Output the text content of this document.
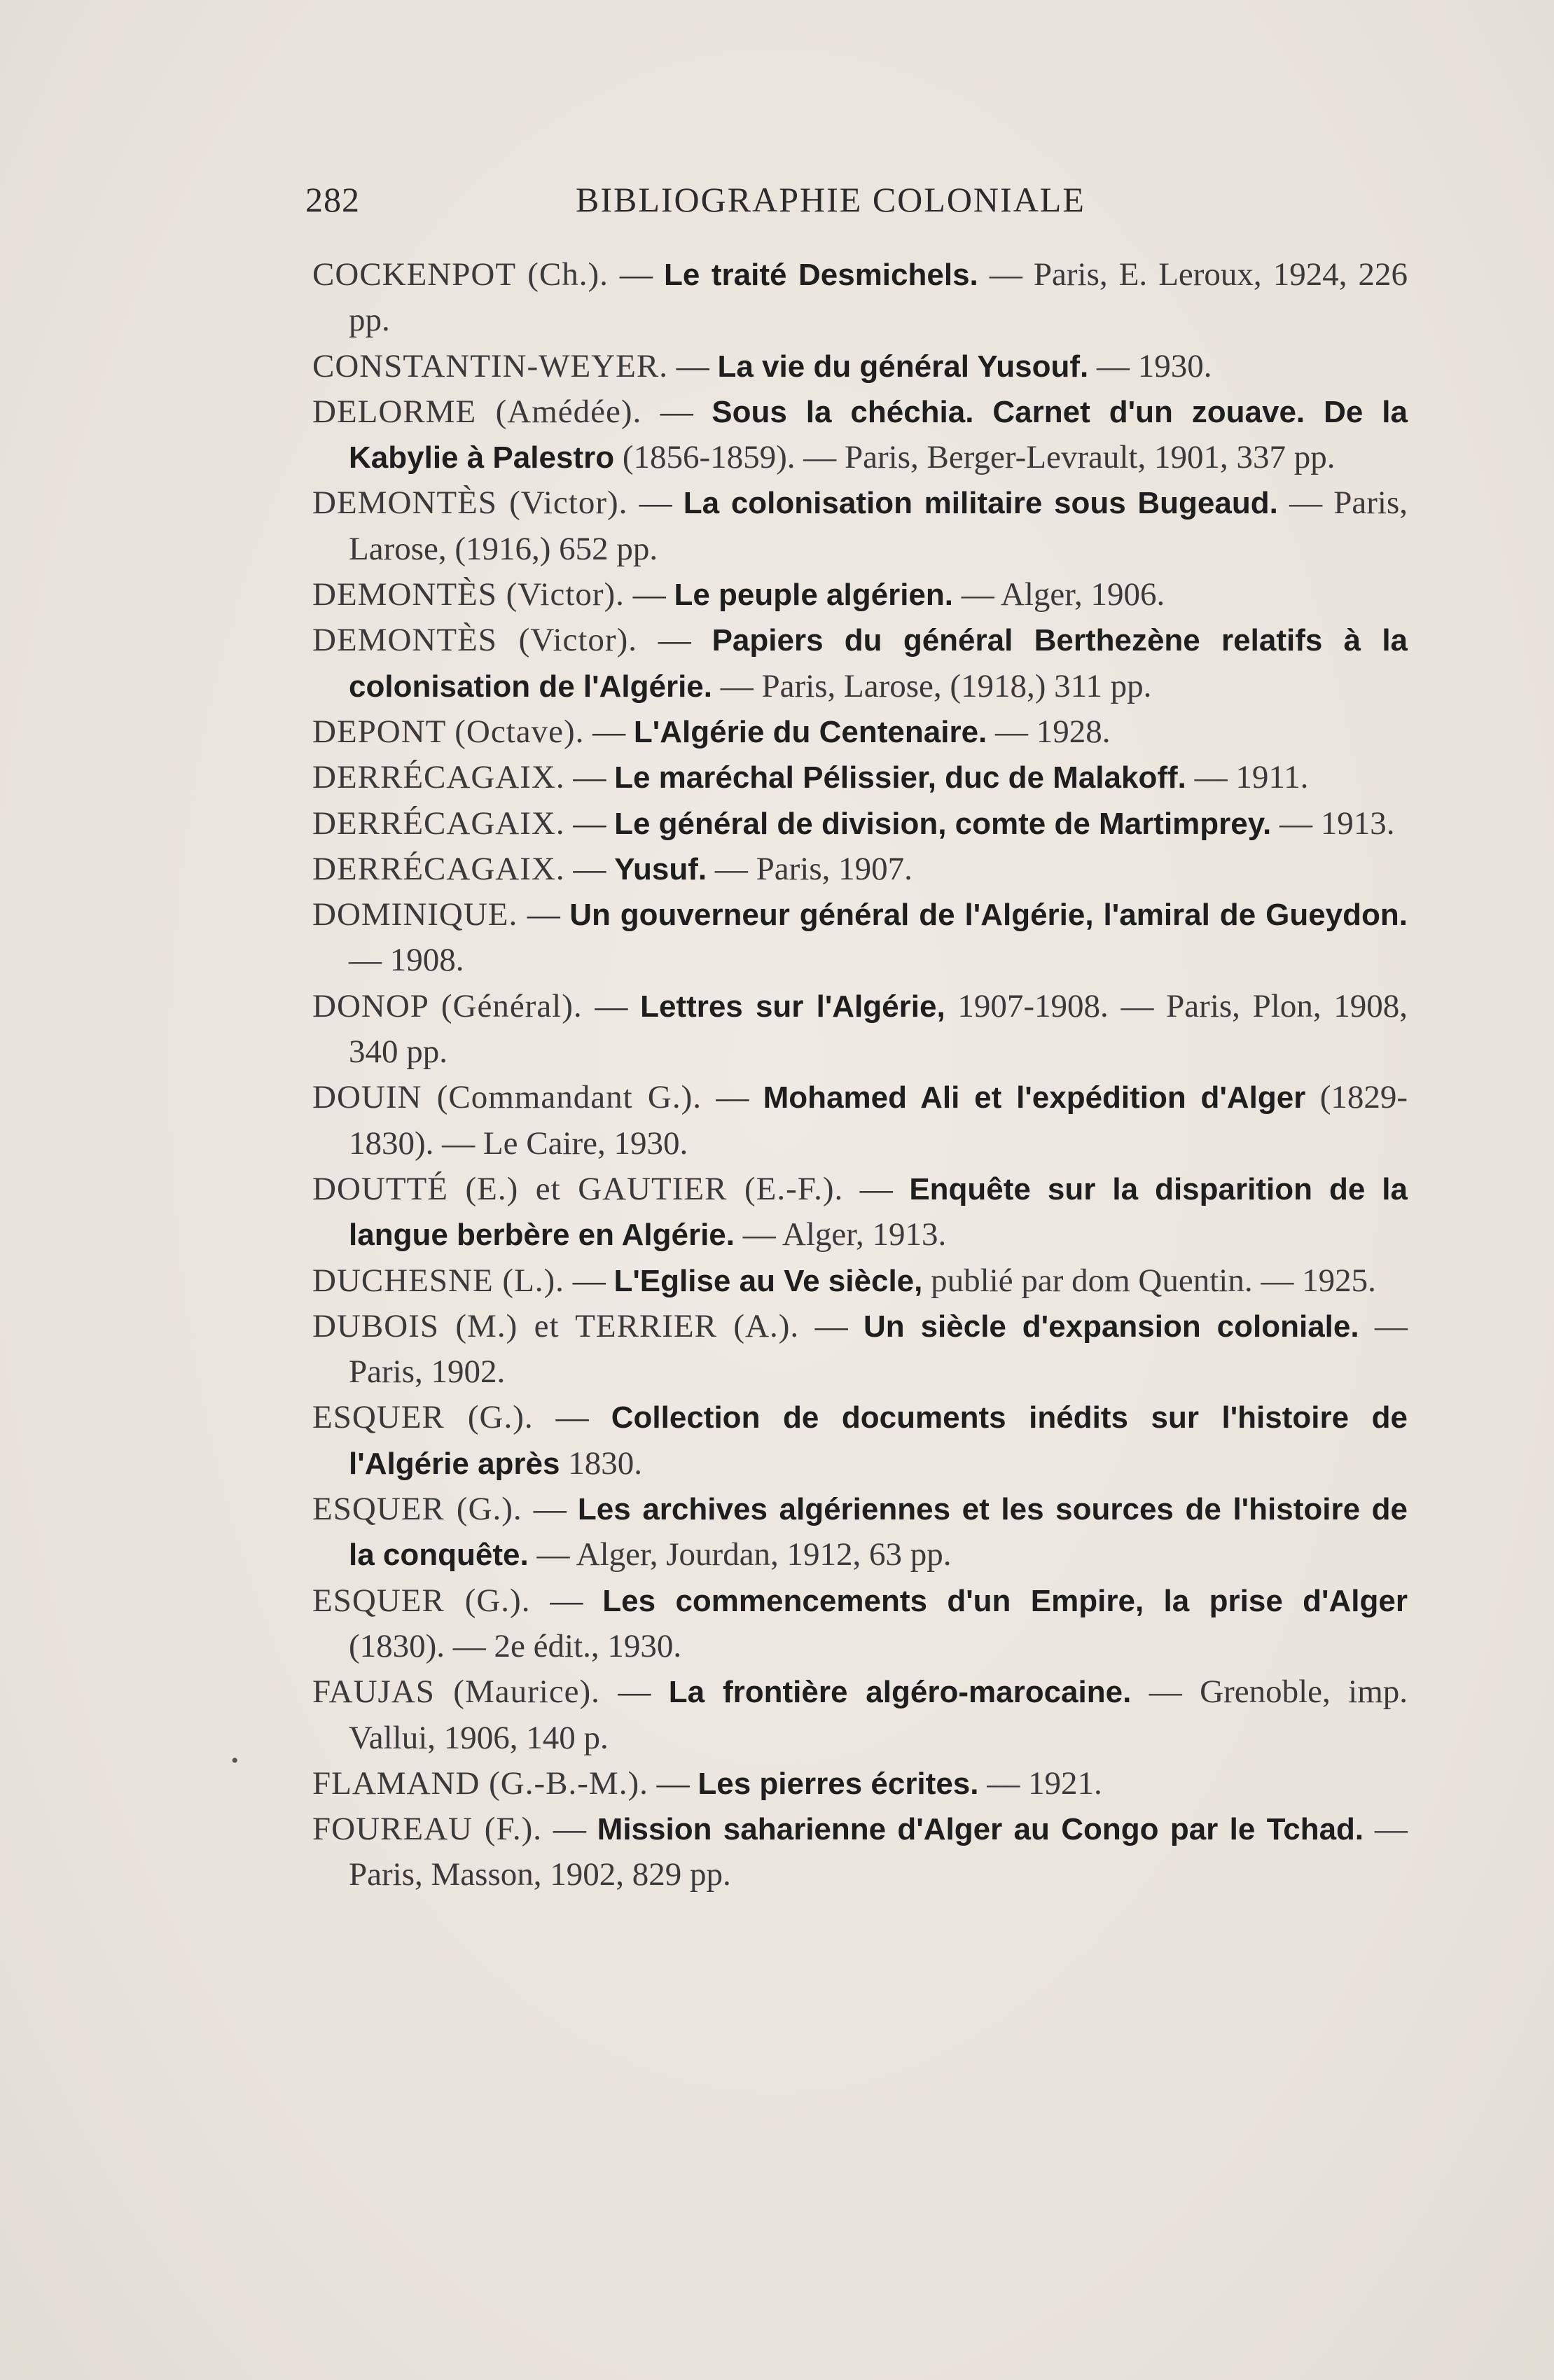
282	BIBLIOGRAPHIE COLONIALE

COCKENPOT (Ch.). — Le traité Desmichels. — Paris, E. Leroux, 1924, 226 pp.

CONSTANTIN-WEYER. — La vie du général Yusouf. — 1930.

DELORME (Amédée). — Sous la chéchia. Carnet d'un zouave. De la Kabylie à Palestro (1856-1859). — Paris, Berger-Levrault, 1901, 337 pp.

DEMONTÈS (Victor). — La colonisation militaire sous Bugeaud. — Paris, Larose, (1916,) 652 pp.

DEMONTÈS (Victor). — Le peuple algérien. — Alger, 1906.

DEMONTÈS (Victor). — Papiers du général Berthezène relatifs à la colonisation de l'Algérie. — Paris, Larose, (1918,) 311 pp.

DEPONT (Octave). — L'Algérie du Centenaire. — 1928.

DERRÉCAGAIX. — Le maréchal Pélissier, duc de Malakoff. — 1911.

DERRÉCAGAIX. — Le général de division, comte de Martimprey. — 1913.

DERRÉCAGAIX. — Yusuf. — Paris, 1907.

DOMINIQUE. — Un gouverneur général de l'Algérie, l'amiral de Gueydon. — 1908.

DONOP (Général). — Lettres sur l'Algérie, 1907-1908. — Paris, Plon, 1908, 340 pp.

DOUIN (Commandant G.). — Mohamed Ali et l'expédition d'Alger (1829-1830). — Le Caire, 1930.

DOUTTÉ (E.) et GAUTIER (E.-F.). — Enquête sur la disparition de la langue berbère en Algérie. — Alger, 1913.

DUCHESNE (L.). — L'Eglise au Ve siècle, publié par dom Quentin. — 1925.

DUBOIS (M.) et TERRIER (A.). — Un siècle d'expansion coloniale. — Paris, 1902.

ESQUER (G.). — Collection de documents inédits sur l'histoire de l'Algérie après 1830.

ESQUER (G.). — Les archives algériennes et les sources de l'histoire de la conquête. — Alger, Jourdan, 1912, 63 pp.

ESQUER (G.). — Les commencements d'un Empire, la prise d'Alger (1830). — 2e édit., 1930.

FAUJAS (Maurice). — La frontière algéro-marocaine. — Grenoble, imp. Vallui, 1906, 140 p.

FLAMAND (G.-B.-M.). — Les pierres écrites. — 1921.

FOUREAU (F.). — Mission saharienne d'Alger au Congo par le Tchad. — Paris, Masson, 1902, 829 pp.

•
